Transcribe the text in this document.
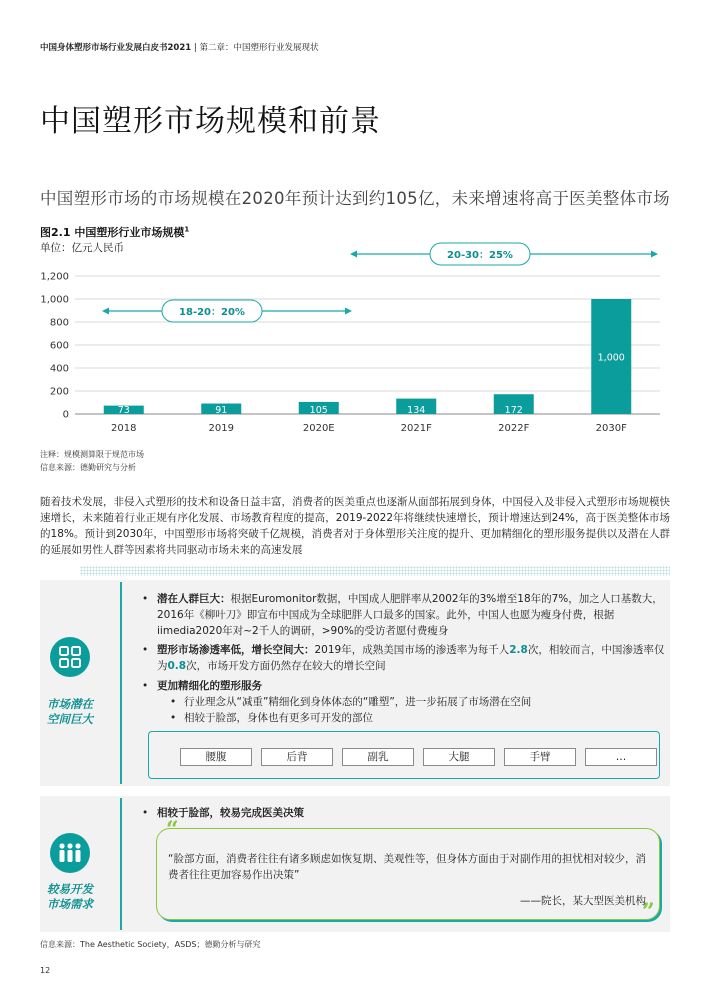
中国身体塑形市场行业发展白皮书2021 | 第二章：中国塑形行业发展现状
中国塑形市场规模和前景
中国塑形市场的市场规模在2020年预计达到约105亿，未来增速将高于医美整体市场
图2.1 中国塑形行业市场规模$^1$
单位：亿元人民币
0
200
400
600
800
1,000
1,200
73
2018
91
2019
105
2020E
134
2021F
172
2022F
1,000
2030F
18-20：20%
20-30：25%
注释：规模测算限于规范市场
信息来源：德勤研究与分析
随着技术发展，非侵入式塑形的技术和设备日益丰富，消费者的医美重点也逐渐从面部拓展到身体，中国侵入及非侵入式塑形市场规模快速增长，未来随着行业正规有序化发展、市场教育程度的提高，2019-2022年将继续快速增长，预计增速达到24%，高于医美整体市场的18%。预计到2030年，中国塑形市场将突破千亿规模，消费者对于身体塑形关注度的提升、更加精细化的塑形服务提供以及潜在人群的延展如男性人群等因素将共同驱动市场未来的高速发展
市场潜在
空间巨大
• 潜在人群巨大：根据Euromonitor数据，中国成人肥胖率从2002年的3%增至18年的7%，加之人口基数大，2016年《柳叶刀》即宣布中国成为全球肥胖人口最多的国家。此外，中国人也愿为瘦身付费，根据iimedia2020年对~2千人的调研，>90%的受访者愿付费瘦身
• 塑形市场渗透率低，增长空间大：2019年，成熟美国市场的渗透率为每千人2.8次，相较而言，中国渗透率仅为0.8次，市场开发方面仍然存在较大的增长空间
• 更加精细化的塑形服务
• 行业理念从“减重”精细化到身体体态的“雕塑”，进一步拓展了市场潜在空间
• 相较于脸部，身体也有更多可开发的部位
腰腹	后背	副乳	大腿	手臂	…
较易开发
市场需求
• 相较于脸部，较易完成医美决策
“
”
“脸部方面，消费者往往有诸多顾虑如恢复期、美观性等，但身体方面由于对副作用的担忧相对较少，消费者往往更加容易作出决策”
——院长，某大型医美机构
信息来源：The Aesthetic Society，ASDS；德勤分析与研究
12
